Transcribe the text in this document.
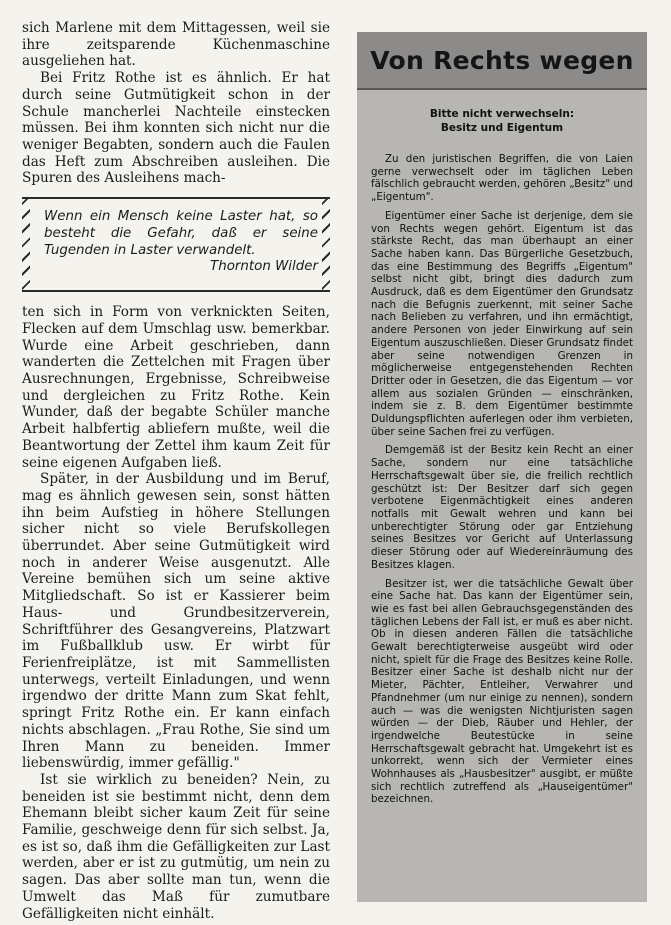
sich Marlene mit dem Mittagessen, weil sie ihre zeitsparende Küchenmaschine ausgeliehen hat.

Bei Fritz Rothe ist es ähnlich. Er hat durch seine Gutmütigkeit schon in der Schule mancherlei Nachteile einstecken müssen. Bei ihm konnten sich nicht nur die weniger Begabten, sondern auch die Faulen das Heft zum Abschreiben ausleihen. Die Spuren des Ausleihens mach-

Wenn ein Mensch keine Laster hat, so besteht die Gefahr, daß er seine Tugenden in Laster verwandelt.
Thornton Wilder

ten sich in Form von verknickten Seiten, Flecken auf dem Umschlag usw. bemerkbar. Wurde eine Arbeit geschrieben, dann wanderten die Zettelchen mit Fragen über Ausrechnungen, Ergebnisse, Schreibweise und dergleichen zu Fritz Rothe. Kein Wunder, daß der begabte Schüler manche Arbeit halbfertig abliefern mußte, weil die Beantwortung der Zettel ihm kaum Zeit für seine eigenen Aufgaben ließ.

Später, in der Ausbildung und im Beruf, mag es ähnlich gewesen sein, sonst hätten ihn beim Aufstieg in höhere Stellungen sicher nicht so viele Berufskollegen überrundet. Aber seine Gutmütigkeit wird noch in anderer Weise ausgenutzt. Alle Vereine bemühen sich um seine aktive Mitgliedschaft. So ist er Kassierer beim Haus- und Grundbesitzerverein, Schriftführer des Gesangvereins, Platzwart im Fußballklub usw. Er wirbt für Ferienfreiplätze, ist mit Sammellisten unterwegs, verteilt Einladungen, und wenn irgendwo der dritte Mann zum Skat fehlt, springt Fritz Rothe ein. Er kann einfach nichts abschlagen. „Frau Rothe, Sie sind um Ihren Mann zu beneiden. Immer liebenswürdig, immer gefällig."

Ist sie wirklich zu beneiden? Nein, zu beneiden ist sie bestimmt nicht, denn dem Ehemann bleibt sicher kaum Zeit für seine Familie, geschweige denn für sich selbst. Ja, es ist so, daß ihm die Gefälligkeiten zur Last werden, aber er ist zu gutmütig, um nein zu sagen. Das aber sollte man tun, wenn die Umwelt das Maß für zumutbare Gefälligkeiten nicht einhält.

Von Rechts wegen
Bitte nicht verwechseln:
Besitz und Eigentum

Zu den juristischen Begriffen, die von Laien gerne verwechselt oder im täglichen Leben fälschlich gebraucht werden, gehören „Besitz" und „Eigentum".

Eigentümer einer Sache ist derjenige, dem sie von Rechts wegen gehört. Eigentum ist das stärkste Recht, das man überhaupt an einer Sache haben kann. Das Bürgerliche Gesetzbuch, das eine Bestimmung des Begriffs „Eigentum" selbst nicht gibt, bringt dies dadurch zum Ausdruck, daß es dem Eigentümer den Grundsatz nach die Befugnis zuerkennt, mit seiner Sache nach Belieben zu verfahren, und ihn ermächtigt, andere Personen von jeder Einwirkung auf sein Eigentum auszuschließen. Dieser Grundsatz findet aber seine notwendigen Grenzen in möglicherweise entgegenstehenden Rechten Dritter oder in Gesetzen, die das Eigentum — vor allem aus sozialen Gründen — einschränken, indem sie z. B. dem Eigentümer bestimmte Duldungspflichten auferlegen oder ihm verbieten, über seine Sachen frei zu verfügen.

Demgemäß ist der Besitz kein Recht an einer Sache, sondern nur eine tatsächliche Herrschaftsgewalt über sie, die freilich rechtlich geschützt ist: Der Besitzer darf sich gegen verbotene Eigenmächtigkeit eines anderen notfalls mit Gewalt wehren und kann bei unberechtigter Störung oder gar Entziehung seines Besitzes vor Gericht auf Unterlassung dieser Störung oder auf Wiedereinräumung des Besitzes klagen.

Besitzer ist, wer die tatsächliche Gewalt über eine Sache hat. Das kann der Eigentümer sein, wie es fast bei allen Gebrauchsgegenständen des täglichen Lebens der Fall ist, er muß es aber nicht. Ob in diesen anderen Fällen die tatsächliche Gewalt berechtigterweise ausgeübt wird oder nicht, spielt für die Frage des Besitzes keine Rolle. Besitzer einer Sache ist deshalb nicht nur der Mieter, Pächter, Entleiher, Verwahrer und Pfandnehmer (um nur einige zu nennen), sondern auch — was die wenigsten Nichtjuristen sagen würden — der Dieb, Räuber und Hehler, der irgendwelche Beutestücke in seine Herrschaftsgewalt gebracht hat. Umgekehrt ist es unkorrekt, wenn sich der Vermieter eines Wohnhauses als „Hausbesitzer" ausgibt, er müßte sich rechtlich zutreffend als „Hauseigentümer" bezeichnen.
